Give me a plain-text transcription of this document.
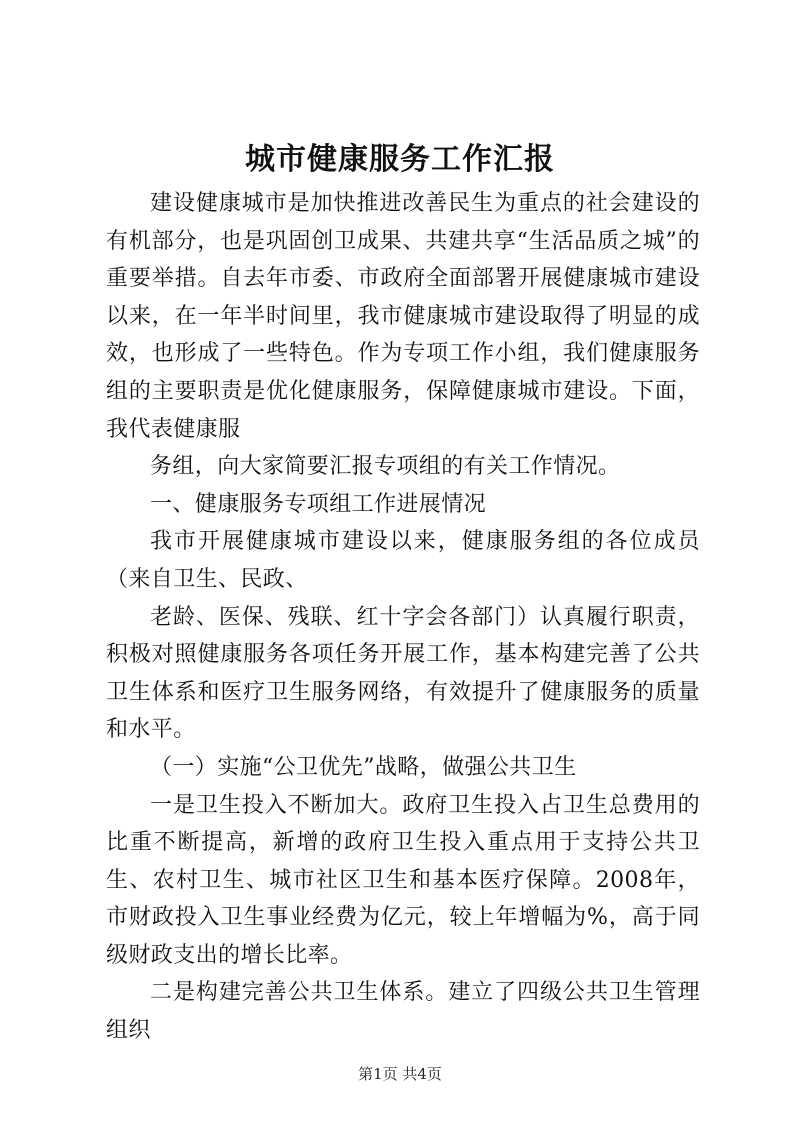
城市健康服务工作汇报

建设健康城市是加快推进改善民生为重点的社会建设的有机部分，也是巩固创卫成果、共建共享“生活品质之城”的重要举措。自去年市委、市政府全面部署开展健康城市建设以来，在一年半时间里，我市健康城市建设取得了明显的成效，也形成了一些特色。作为专项工作小组，我们健康服务组的主要职责是优化健康服务，保障健康城市建设。下面，我代表健康服

务组，向大家简要汇报专项组的有关工作情况。

一、健康服务专项组工作进展情况

我市开展健康城市建设以来，健康服务组的各位成员（来自卫生、民政、

老龄、医保、残联、红十字会各部门）认真履行职责，积极对照健康服务各项任务开展工作，基本构建完善了公共卫生体系和医疗卫生服务网络，有效提升了健康服务的质量和水平。

（一）实施“公卫优先”战略，做强公共卫生

一是卫生投入不断加大。政府卫生投入占卫生总费用的比重不断提高，新增的政府卫生投入重点用于支持公共卫生、农村卫生、城市社区卫生和基本医疗保障。2008年，市财政投入卫生事业经费为亿元，较上年增幅为%，高于同级财政支出的增长比率。

二是构建完善公共卫生体系。建立了四级公共卫生管理组织

第1页 共4页
